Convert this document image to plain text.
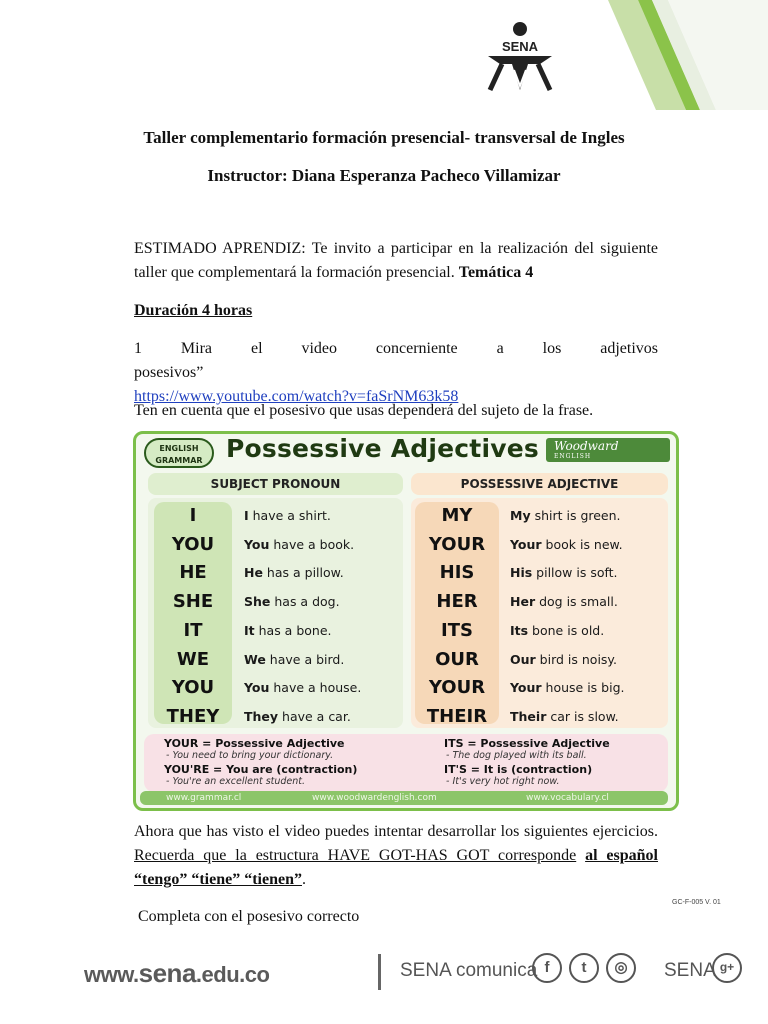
SENA
Taller complementario formación presencial- transversal de Ingles
Instructor: Diana Esperanza Pacheco Villamizar
ESTIMADO APRENDIZ: Te invito a participar en la realización del siguiente taller que complementará la formación presencial. Temática 4
Duración 4 horas
1 Mira el video concerniente a los adjetivos posesivos”
https://www.youtube.com/watch?v=faSrNM63k58
Ten en cuenta que el posesivo que usas dependerá del sujeto de la frase.
ENGLISH
GRAMMAR Possessive Adjectives	Woodward
ENGLISH
SUBJECT PRONOUN	POSSESSIVE ADJECTIVE
I	I have a shirt.	MY	My shirt is green.
YOU	You have a book.	YOUR	Your book is new.
HE	He has a pillow.	HIS	His pillow is soft.
SHE	She has a dog.	HER	Her dog is small.
IT	It has a bone.	ITS	Its bone is old.
WE	We have a bird.	OUR	Our bird is noisy.
YOU	You have a house.	YOUR	Your house is big.
THEY	They have a car.	THEIR	Their car is slow.
YOUR = Possessive Adjective
- You need to bring your dictionary.
YOU'RE = You are (contraction)
- You're an excellent student.
ITS = Possessive Adjective
- The dog played with its ball.
IT'S = It is (contraction)
- It's very hot right now.
www.grammar.cl	www.woodwardenglish.com	www.vocabulary.cl
Ahora que has visto el video puedes intentar desarrollar los siguientes ejercicios. Recuerda que la estructura HAVE GOT-HAS GOT corresponde al español “tengo” “tiene” “tienen”.
GC-F-005 V. 01
Completa con el posesivo correcto
www.sena.edu.co	SENA comunica f	t	◎	SENA g+
